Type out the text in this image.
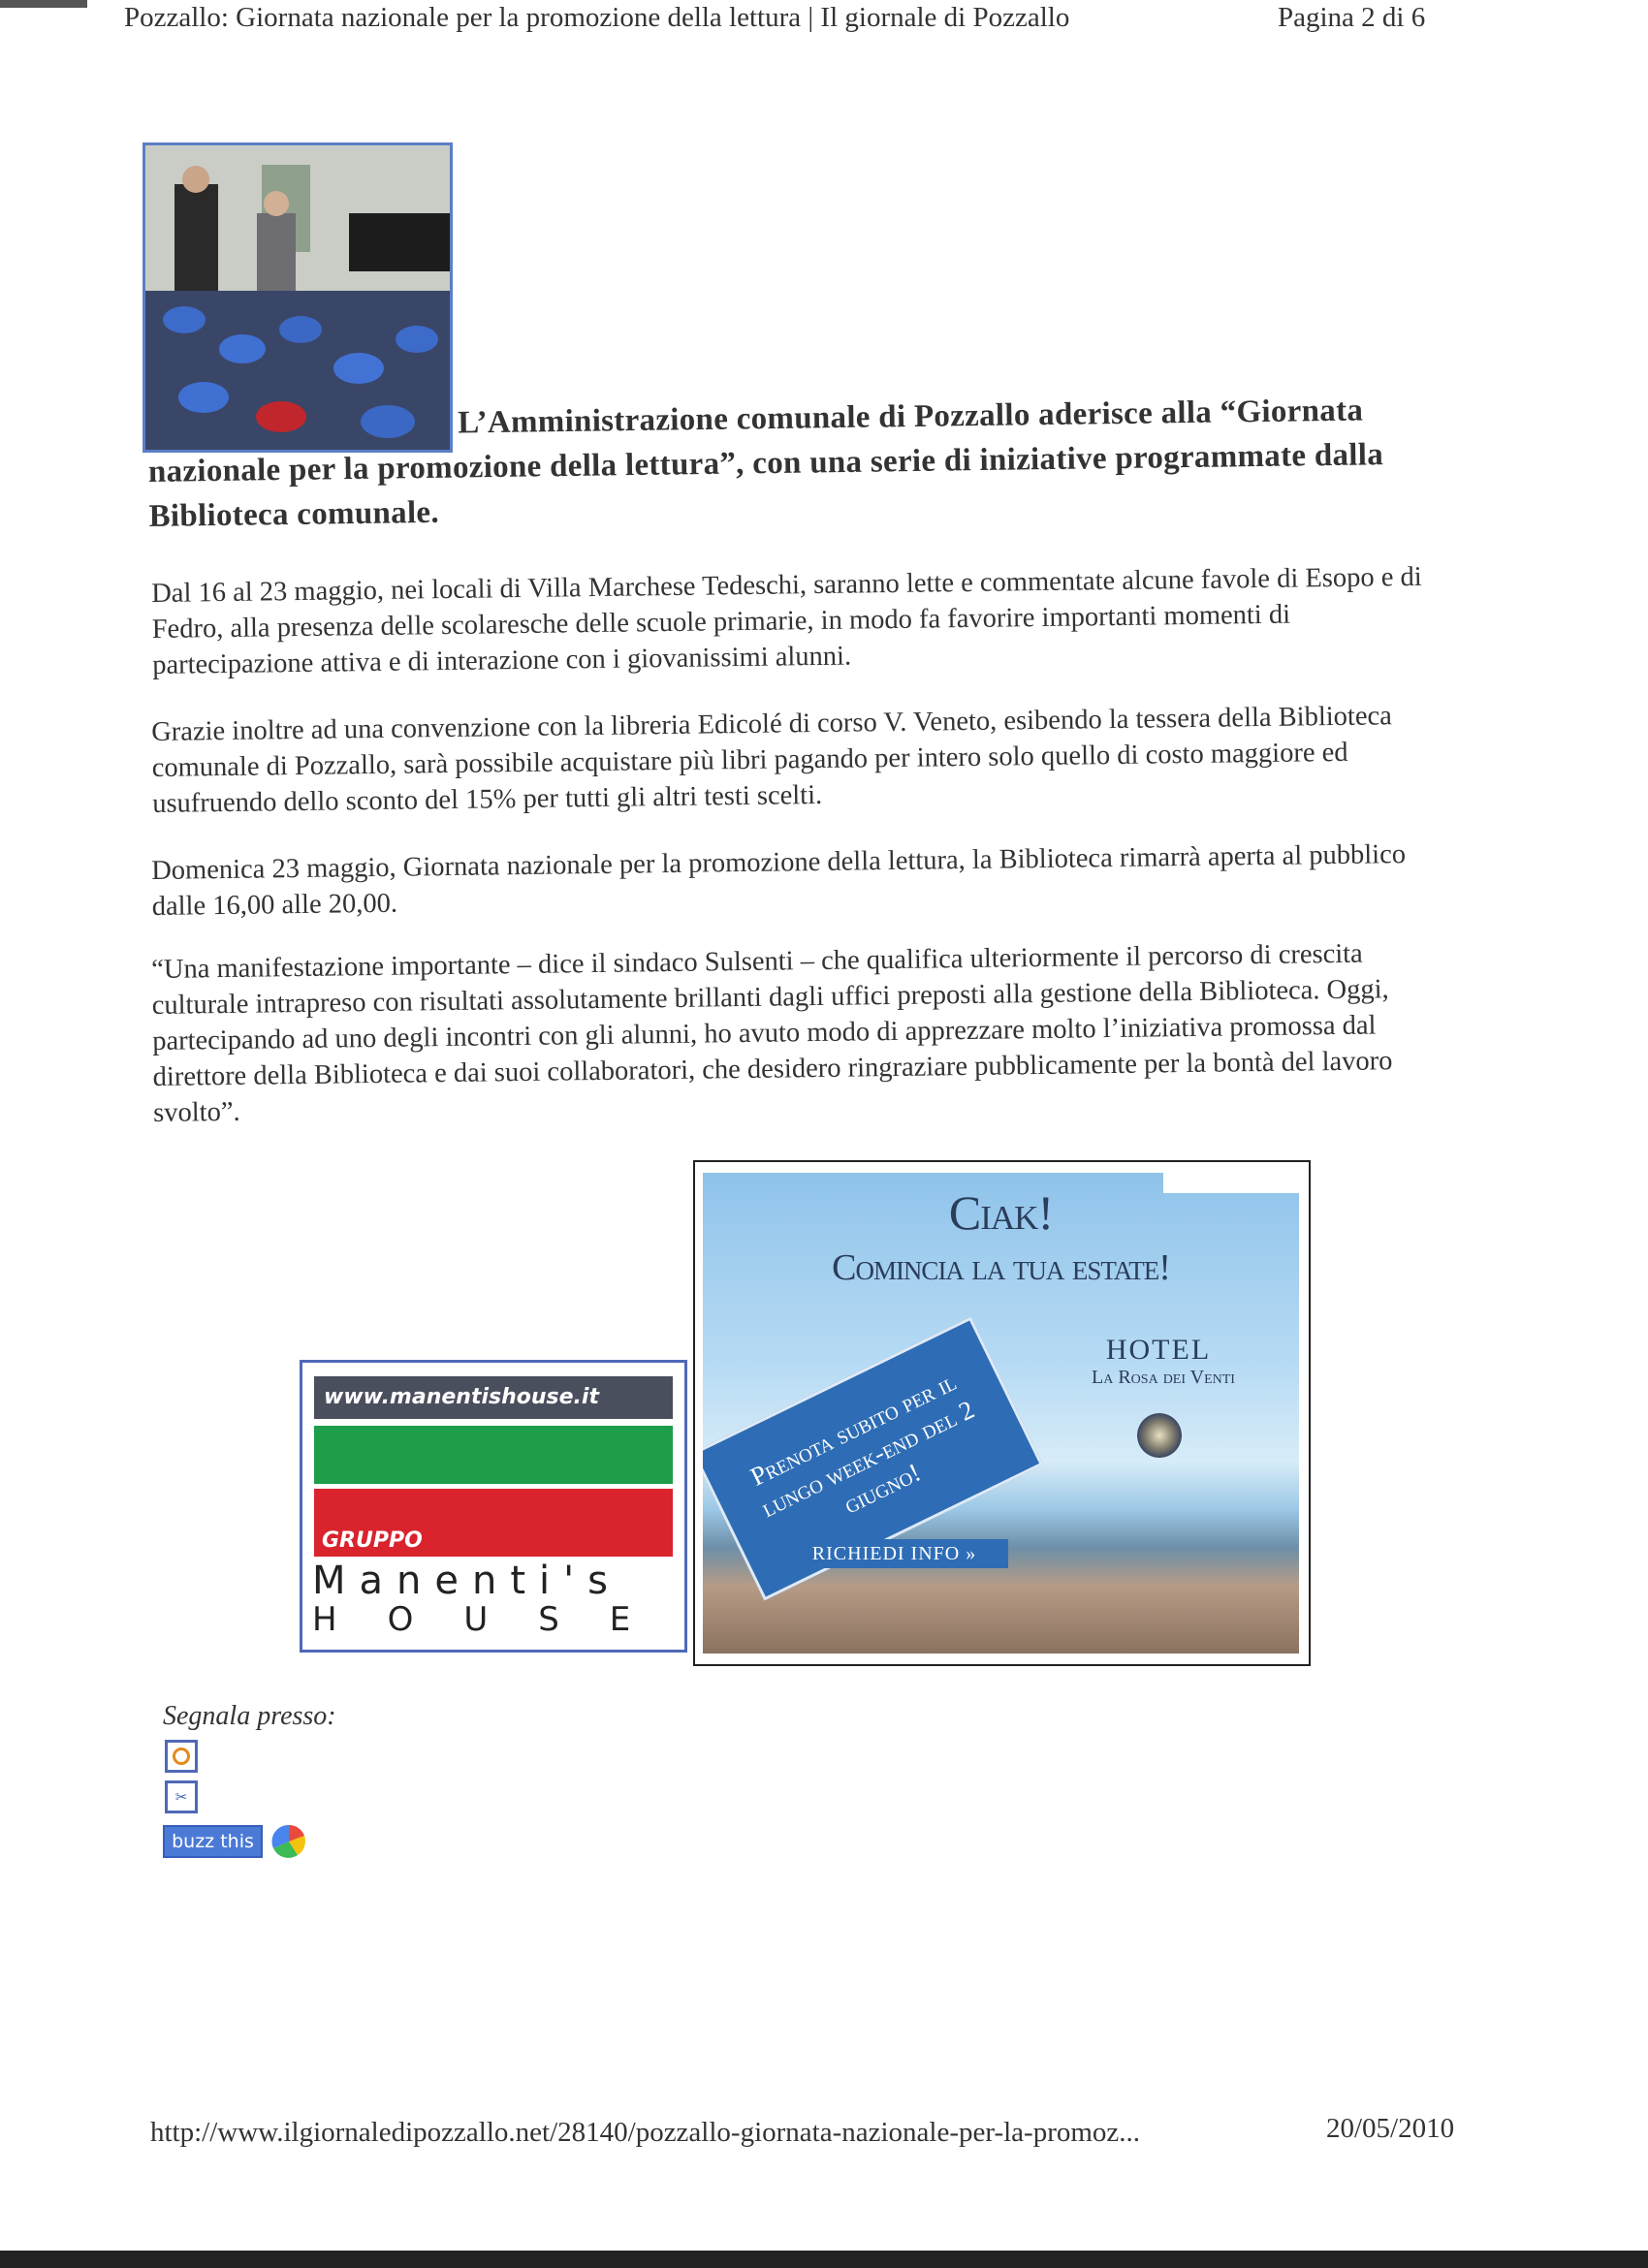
Pozzallo: Giornata nazionale per la promozione della lettura | Il giornale di Pozzallo	Pagina 2 di 6
L’Amministrazione comunale di Pozzallo aderisce alla “Giornata nazionale per la promozione della lettura”, con una serie di iniziative programmate dalla Biblioteca comunale.
Dal 16 al 23 maggio, nei locali di Villa Marchese Tedeschi, saranno lette e commentate alcune favole di Esopo e di Fedro, alla presenza delle scolaresche delle scuole primarie, in modo fa favorire importanti momenti di partecipazione attiva e di interazione con i giovanissimi alunni.
Grazie inoltre ad una convenzione con la libreria Edicolé di corso V. Veneto, esibendo la tessera della Biblioteca comunale di Pozzallo, sarà possibile acquistare più libri pagando per intero solo quello di costo maggiore ed usufruendo dello sconto del 15% per tutti gli altri testi scelti.
Domenica 23 maggio, Giornata nazionale per la promozione della lettura, la Biblioteca rimarrà aperta al pubblico dalle 16,00 alle 20,00.
“Una manifestazione importante – dice il sindaco Sulsenti – che qualifica ulteriormente il percorso di crescita culturale intrapreso con risultati assolutamente brillanti dagli uffici preposti alla gestione della Biblioteca. Oggi, partecipando ad uno degli incontri con gli alunni, ho avuto modo di apprezzare molto l’iniziativa promossa dal direttore della Biblioteca e dai suoi collaboratori, che desidero ringraziare pubblicamente per la bontà del lavoro svolto”.
www.manentishouse.it
GRUPPO
Manenti's
HOUSE
Ciak!
Comincia la tua estate!
HOTEL
La Rosa dei Venti
Prenota subito per il lungo week-end del 2 giugno!
RICHIEDI INFO »
Segnala presso:
✂
buzz this
http://www.ilgiornaledipozzallo.net/28140/pozzallo-giornata-nazionale-per-la-promoz...	20/05/2010
